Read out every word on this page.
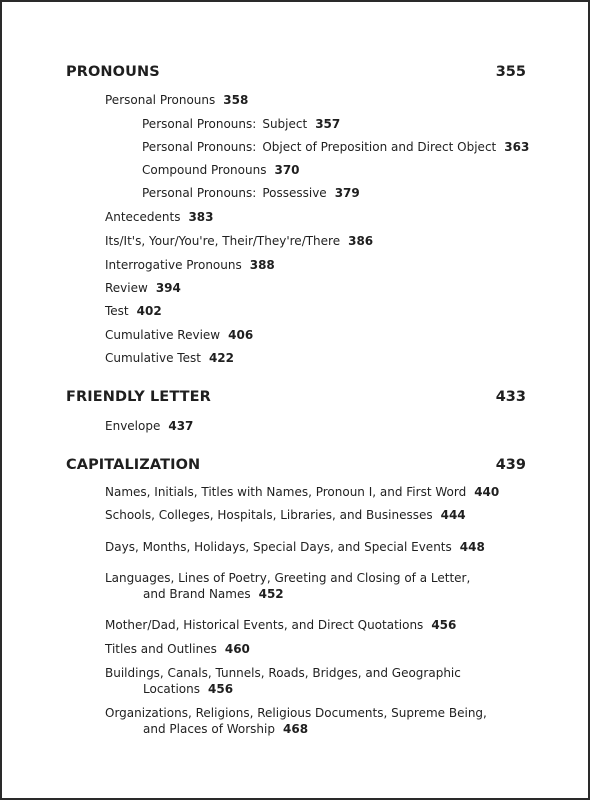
PRONOUNS	355
Personal Pronouns 358
Personal Pronouns: Subject 357
Personal Pronouns: Object of Preposition and Direct Object 363
Compound Pronouns 370
Personal Pronouns: Possessive 379
Antecedents 383
Its/It's, Your/You're, Their/They're/There 386
Interrogative Pronouns 388
Review 394
Test 402
Cumulative Review 406
Cumulative Test 422
FRIENDLY LETTER	433
Envelope 437
CAPITALIZATION	439
Names, Initials, Titles with Names, Pronoun I, and First Word 440
Schools, Colleges, Hospitals, Libraries, and Businesses 444
Days, Months, Holidays, Special Days, and Special Events 448
Languages, Lines of Poetry, Greeting and Closing of a Letter,
and Brand Names 452
Mother/Dad, Historical Events, and Direct Quotations 456
Titles and Outlines 460
Buildings, Canals, Tunnels, Roads, Bridges, and Geographic
Locations 456
Organizations, Religions, Religious Documents, Supreme Being,
and Places of Worship 468
